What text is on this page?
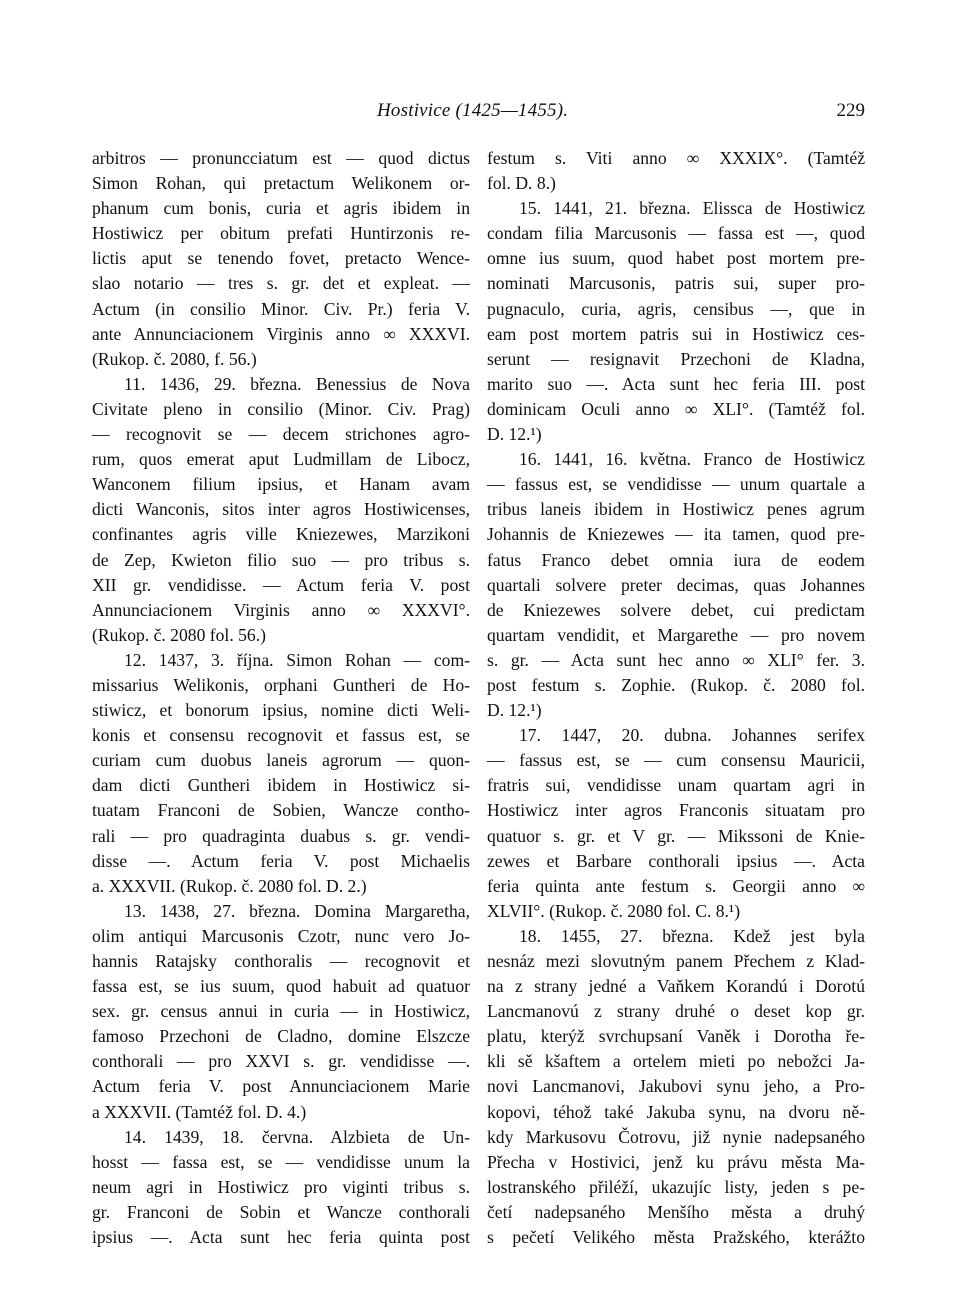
Hostivice (1425—1455).	229
arbitros — pronuncciatum est — quod dictus
Simon Rohan, qui pretactum Welikonem or-
phanum cum bonis, curia et agris ibidem in
Hostiwicz per obitum prefati Huntirzonis re-
lictis aput se tenendo fovet, pretacto Wence-
slao notario — tres s. gr. det et expleat. —
Actum (in consilio Minor. Civ. Pr.) feria V.
ante Annunciacionem Virginis anno ∞ XXXVI.
(Rukop. č. 2080, f. 56.)
11. 1436, 29. března. Benessius de Nova
Civitate pleno in consilio (Minor. Civ. Prag)
— recognovit se — decem strichones agro-
rum, quos emerat aput Ludmillam de Libocz,
Wanconem filium ipsius, et Hanam avam
dicti Wanconis, sitos inter agros Hostiwicenses,
confinantes agris ville Kniezewes, Marzikoni
de Zep, Kwieton filio suo — pro tribus s.
XII gr. vendidisse. — Actum feria V. post
Annunciacionem Virginis anno ∞ XXXVI°.
(Rukop. č. 2080 fol. 56.)
12. 1437, 3. října. Simon Rohan — com-
missarius Welikonis, orphani Guntheri de Ho-
stiwicz, et bonorum ipsius, nomine dicti Weli-
konis et consensu recognovit et fassus est, se
curiam cum duobus laneis agrorum — quon-
dam dicti Guntheri ibidem in Hostiwicz si-
tuatam Franconi de Sobien, Wancze contho-
rali — pro quadraginta duabus s. gr. vendi-
disse —. Actum feria V. post Michaelis
a. XXXVII. (Rukop. č. 2080 fol. D. 2.)
13. 1438, 27. března. Domina Margaretha,
olim antiqui Marcusonis Czotr, nunc vero Jo-
hannis Ratajsky conthoralis — recognovit et
fassa est, se ius suum, quod habuit ad quatuor
sex. gr. census annui in curia — in Hostiwicz,
famoso Przechoni de Cladno, domine Elszcze
conthorali — pro XXVI s. gr. vendidisse —.
Actum feria V. post Annunciacionem Marie
a XXXVII. (Tamtéž fol. D. 4.)
14. 1439, 18. června. Alzbieta de Un-
hosst — fassa est, se — vendidisse unum la
neum agri in Hostiwicz pro viginti tribus s.
gr. Franconi de Sobin et Wancze conthorali
ipsius —. Acta sunt hec feria quinta post
festum s. Viti anno ∞ XXXIX°. (Tamtéž
fol. D. 8.)
15. 1441, 21. března. Elissca de Hostiwicz
condam filia Marcusonis — fassa est —, quod
omne ius suum, quod habet post mortem pre-
nominati Marcusonis, patris sui, super pro-
pugnaculo, curia, agris, censibus —, que in
eam post mortem patris sui in Hostiwicz ces-
serunt — resignavit Przechoni de Kladna,
marito suo —. Acta sunt hec feria III. post
dominicam Oculi anno ∞ XLI°. (Tamtéž fol.
D. 12.¹)
16. 1441, 16. května. Franco de Hostiwicz
— fassus est, se vendidisse — unum quartale a
tribus laneis ibidem in Hostiwicz penes agrum
Johannis de Kniezewes — ita tamen, quod pre-
fatus Franco debet omnia iura de eodem
quartali solvere preter decimas, quas Johannes
de Kniezewes solvere debet, cui predictam
quartam vendidit, et Margarethe — pro novem
s. gr. — Acta sunt hec anno ∞ XLI° fer. 3.
post festum s. Zophie. (Rukop. č. 2080 fol.
D. 12.¹)
17. 1447, 20. dubna. Johannes serifex
— fassus est, se — cum consensu Mauricii,
fratris sui, vendidisse unam quartam agri in
Hostiwicz inter agros Franconis situatam pro
quatuor s. gr. et V gr. — Mikssoni de Knie-
zewes et Barbare conthorali ipsius —. Acta
feria quinta ante festum s. Georgii anno ∞
XLVII°. (Rukop. č. 2080 fol. C. 8.¹)
18. 1455, 27. března. Kdež jest byla
nesnáz mezi slovutným panem Přechem z Klad-
na z strany jedné a Vaňkem Korandú i Dorotú
Lancmanovú z strany druhé o deset kop gr.
platu, kterýž svrchupsaní Vaněk i Dorotha ře-
kli sě kšaftem a ortelem mieti po nebožci Ja-
novi Lancmanovi, Jakubovi synu jeho, a Pro-
kopovi, téhož také Jakuba synu, na dvoru ně-
kdy Markusovu Čotrovu, již nynie nadepsaného
Přecha v Hostivici, jenž ku právu města Ma-
lostranského přiléží, ukazujíc listy, jeden s pe-
četí nadepsaného Menšího města a druhý
s pečetí Velikého města Pražského, kterážto
